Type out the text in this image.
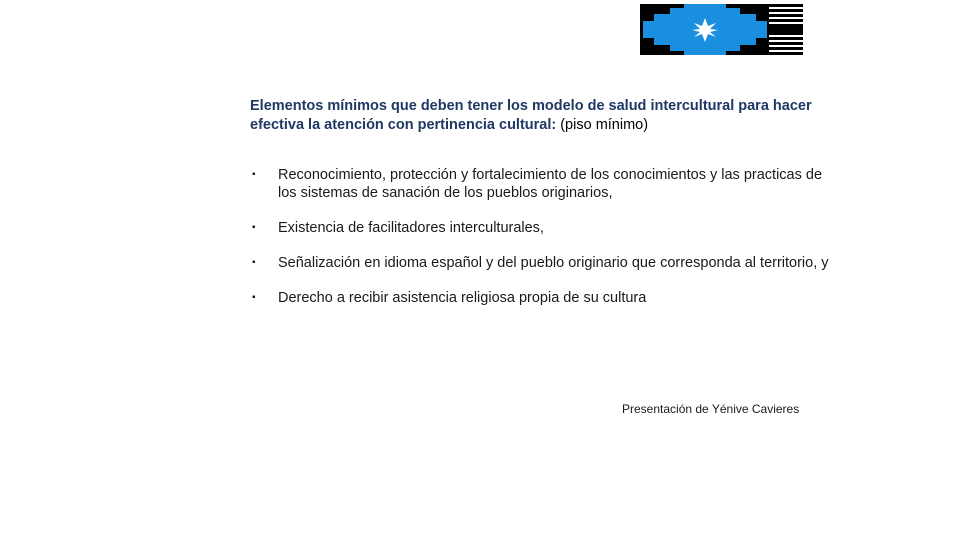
Elementos mínimos que deben tener los modelo de salud intercultural para hacer efectiva la atención con pertinencia cultural: (piso mínimo)
▪ Reconocimiento, protección y fortalecimiento de los conocimientos y las practicas de los sistemas de sanación de los pueblos originarios,
▪ Existencia de facilitadores interculturales,
▪ Señalización en idioma español y del pueblo originario que corresponda al territorio, y
▪ Derecho a recibir asistencia religiosa propia de su cultura
Presentación de Yénive Cavieres
